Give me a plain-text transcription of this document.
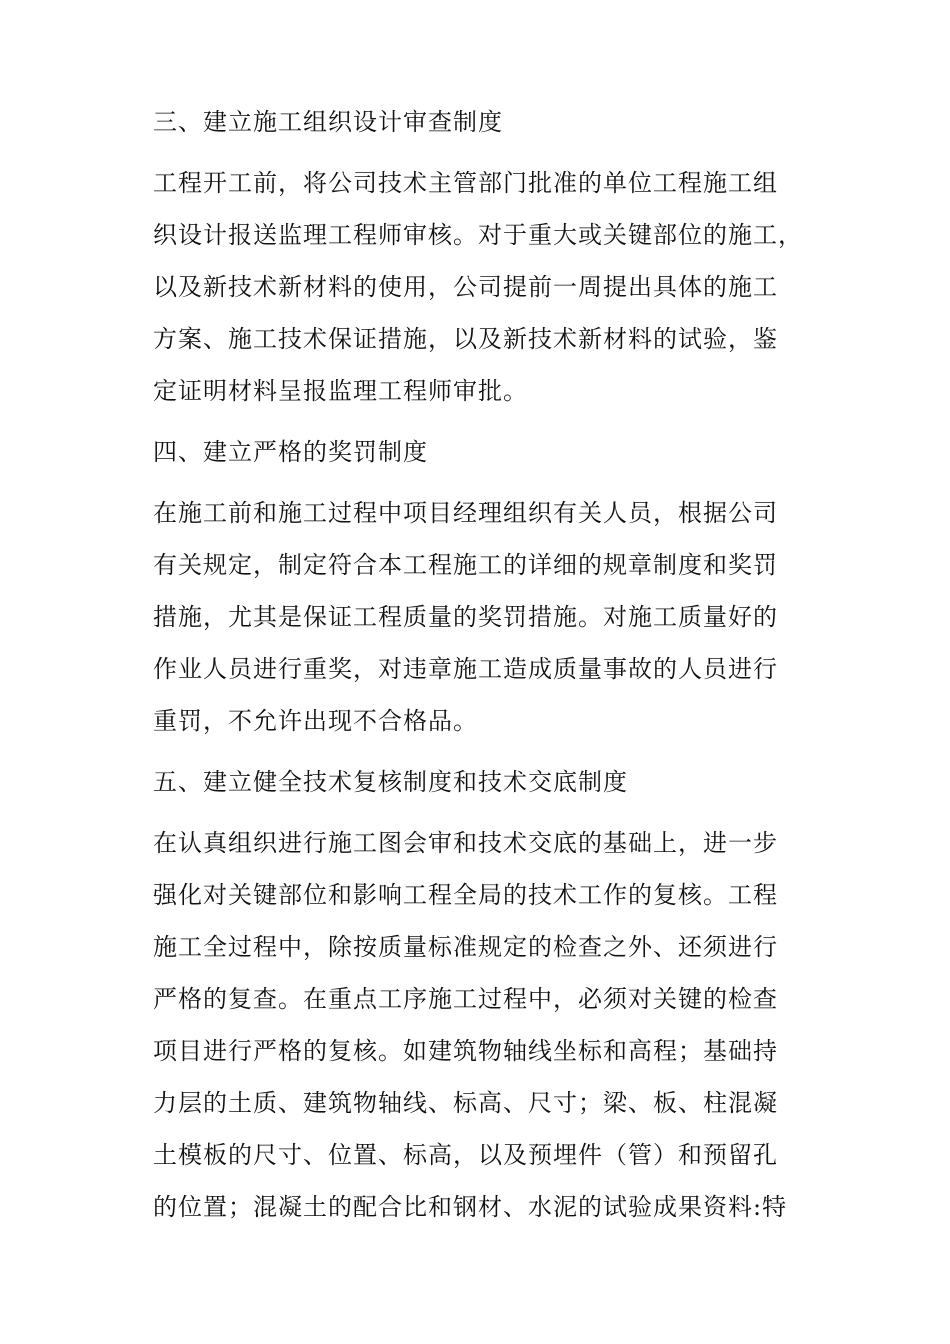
三、建立施工组织设计审查制度

工程开工前，将公司技术主管部门批准的单位工程施工组
织设计报送监理工程师审核。对于重大或关键部位的施工，
以及新技术新材料的使用，公司提前一周提出具体的施工
方案、施工技术保证措施，以及新技术新材料的试验，鉴
定证明材料呈报监理工程师审批。

四、建立严格的奖罚制度

在施工前和施工过程中项目经理组织有关人员，根据公司
有关规定，制定符合本工程施工的详细的规章制度和奖罚
措施，尤其是保证工程质量的奖罚措施。对施工质量好的
作业人员进行重奖，对违章施工造成质量事故的人员进行
重罚，不允许出现不合格品。

五、建立健全技术复核制度和技术交底制度

在认真组织进行施工图会审和技术交底的基础上，进一步
强化对关键部位和影响工程全局的技术工作的复核。工程
施工全过程中，除按质量标准规定的检查之外、还须进行
严格的复查。在重点工序施工过程中，必须对关键的检查
项目进行严格的复核。如建筑物轴线坐标和高程；基础持
力层的土质、建筑物轴线、标高、尺寸；梁、板、柱混凝
土模板的尺寸、位置、标高，以及预埋件（管）和预留孔
的位置；混凝土的配合比和钢材、水泥的试验成果资料:特
